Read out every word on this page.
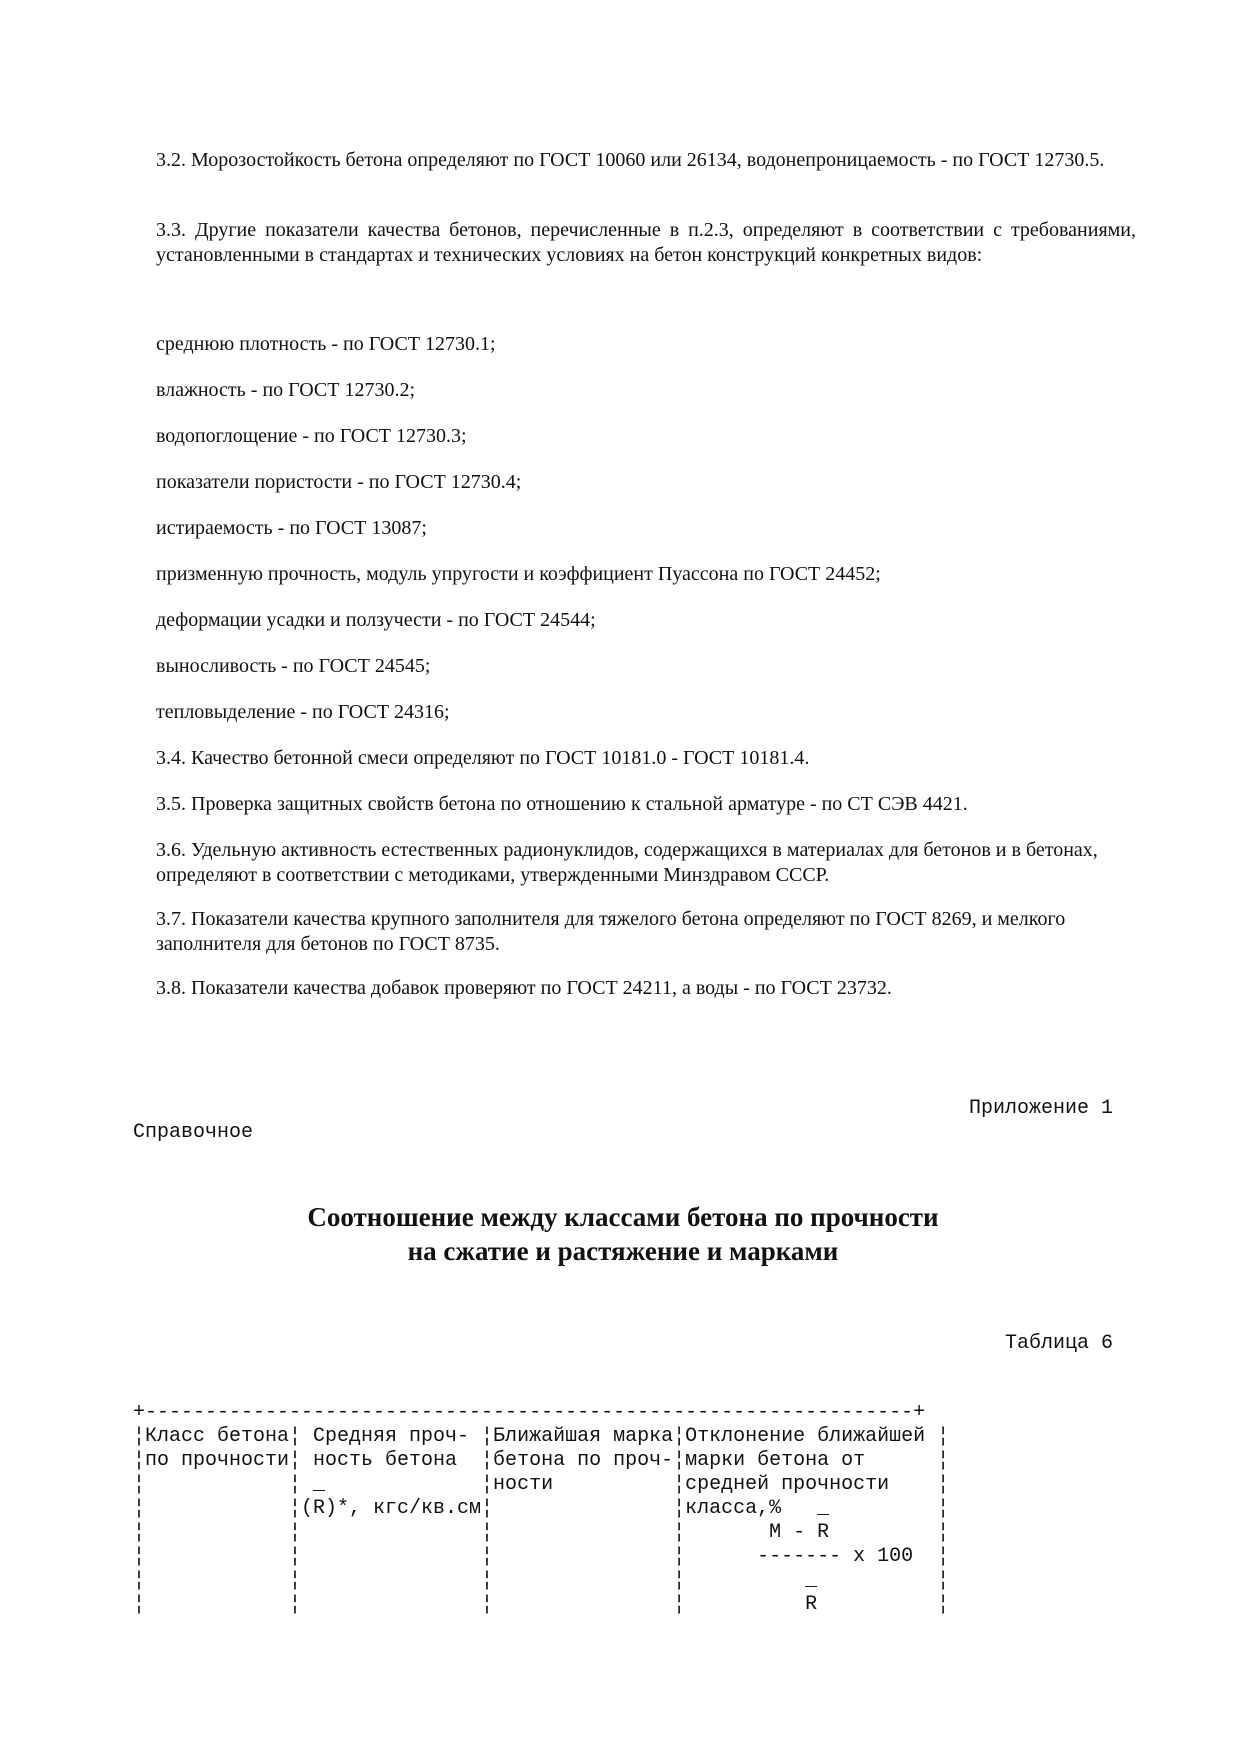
3.2. Морозостойкость бетона определяют по ГОСТ 10060 или 26134, водонепроницаемость - по ГОСТ 12730.5.

3.3. Другие показатели качества бетонов, перечисленные в п.2.3, определяют в соответствии с требованиями, установленными в стандартах и технических условиях на бетон конструкций конкретных видов:

среднюю плотность - по ГОСТ 12730.1;

влажность - по ГОСТ 12730.2;

водопоглощение - по ГОСТ 12730.3;

показатели пористости - по ГОСТ 12730.4;

истираемость - по ГОСТ 13087;

призменную прочность, модуль упругости и коэффициент Пуассона по ГОСТ 24452;

деформации усадки и ползучести - по ГОСТ 24544;

выносливость - по ГОСТ 24545;

тепловыделение - по ГОСТ 24316;

3.4. Качество бетонной смеси определяют по ГОСТ 10181.0 - ГОСТ 10181.4.

3.5. Проверка защитных свойств бетона по отношению к стальной арматуре - по СТ СЭВ 4421.

3.6. Удельную активность естественных радионуклидов, содержащихся в материалах для бетонов и в бетонах, определяют в соответствии с методиками, утвержденными Минздравом СССР.

3.7. Показатели качества крупного заполнителя для тяжелого бетона определяют по ГОСТ 8269, и мелкого заполнителя для бетонов по ГОСТ 8735.

3.8. Показатели качества добавок проверяют по ГОСТ 24211, а воды - по ГОСТ 23732.

Приложение 1
Справочное
Соотношение между классами бетона по прочности
на сжатие и растяжение и марками
Таблица 6
+----------------------------------------------------------------+
¦Класс бетона¦ Средняя проч- ¦Ближайшая марка¦Отклонение ближайшей ¦
¦по прочности¦ ность бетона  ¦бетона по проч-¦марки бетона от      ¦
¦            ¦ _             ¦ности          ¦средней прочности    ¦
¦            ¦(R)*, кгс/кв.см¦               ¦класса,%   _         ¦
¦            ¦               ¦               ¦       M - R         ¦
¦            ¦               ¦               ¦      ------- x 100  ¦
¦            ¦               ¦               ¦          _          ¦
¦            ¦               ¦               ¦          R          ¦
